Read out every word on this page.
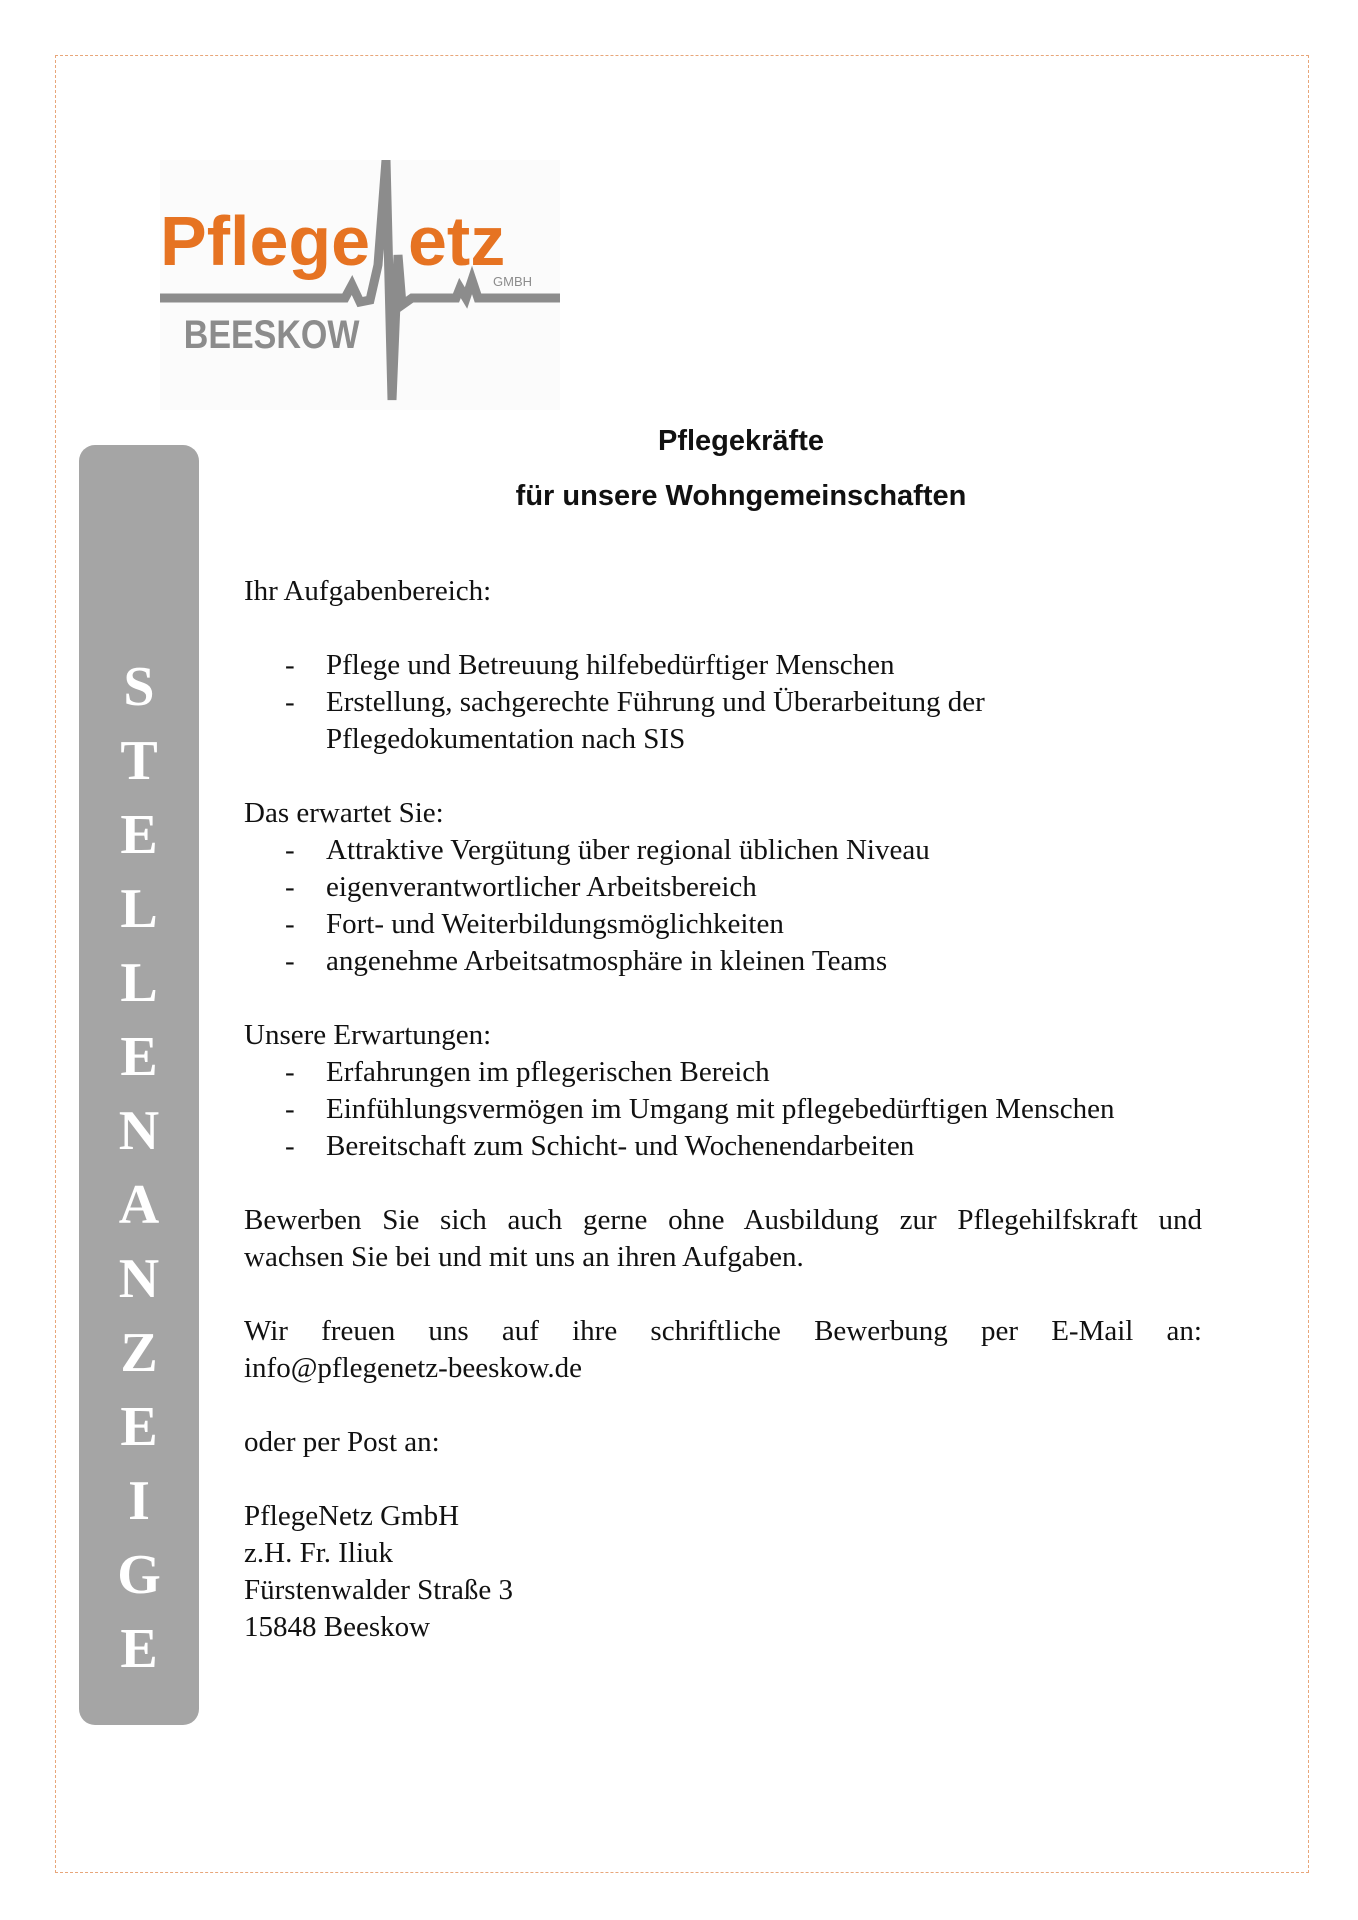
Pflege etz
GMBH
BEESKOW
S
T
E
L
L
E
N
A
N
Z
E
I
G
E
Pflegekräfte
für unsere Wohngemeinschaften

Ihr Aufgabenbereich:

- Pflege und Betreuung hilfebedürftiger Menschen
- Erstellung, sachgerechte Führung und Überarbeitung der Pflegedokumentation nach SIS

Das erwartet Sie:

- Attraktive Vergütung über regional üblichen Niveau
- eigenverantwortlicher Arbeitsbereich
- Fort- und Weiterbildungsmöglichkeiten
- angenehme Arbeitsatmosphäre in kleinen Teams

Unsere Erwartungen:

- Erfahrungen im pflegerischen Bereich
- Einfühlungsvermögen im Umgang mit pflegebedürftigen Menschen
- Bereitschaft zum Schicht- und Wochenendarbeiten

Bewerben Sie sich auch gerne ohne Ausbildung zur Pflegehilfskraft und

wachsen Sie bei und mit uns an ihren Aufgaben.

Wir freuen uns auf ihre schriftliche Bewerbung per E-Mail an:

info@pflegenetz-beeskow.de

oder per Post an:

PflegeNetz GmbH

z.H. Fr. Iliuk

Fürstenwalder Straße 3

15848 Beeskow
